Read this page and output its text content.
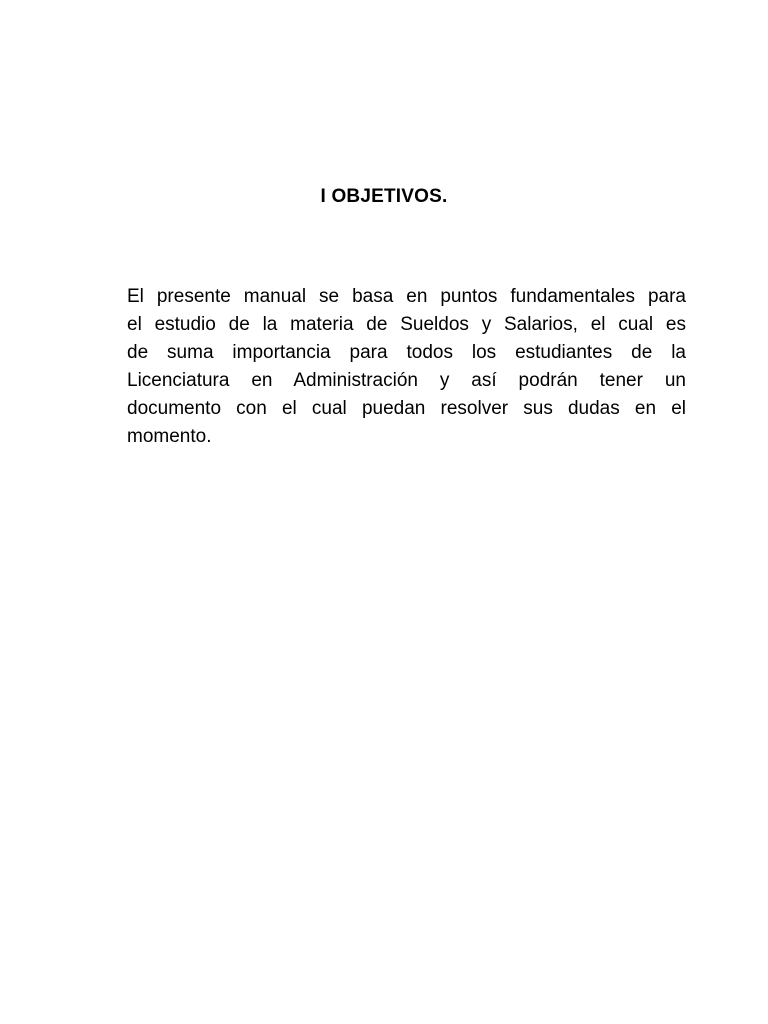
I OBJETIVOS.
El presente manual se basa en puntos fundamentales para
el estudio de la materia de Sueldos y Salarios, el cual es
de suma importancia para todos los estudiantes de la
Licenciatura en Administración y así podrán tener un
documento con el cual puedan resolver sus dudas en el
momento.
